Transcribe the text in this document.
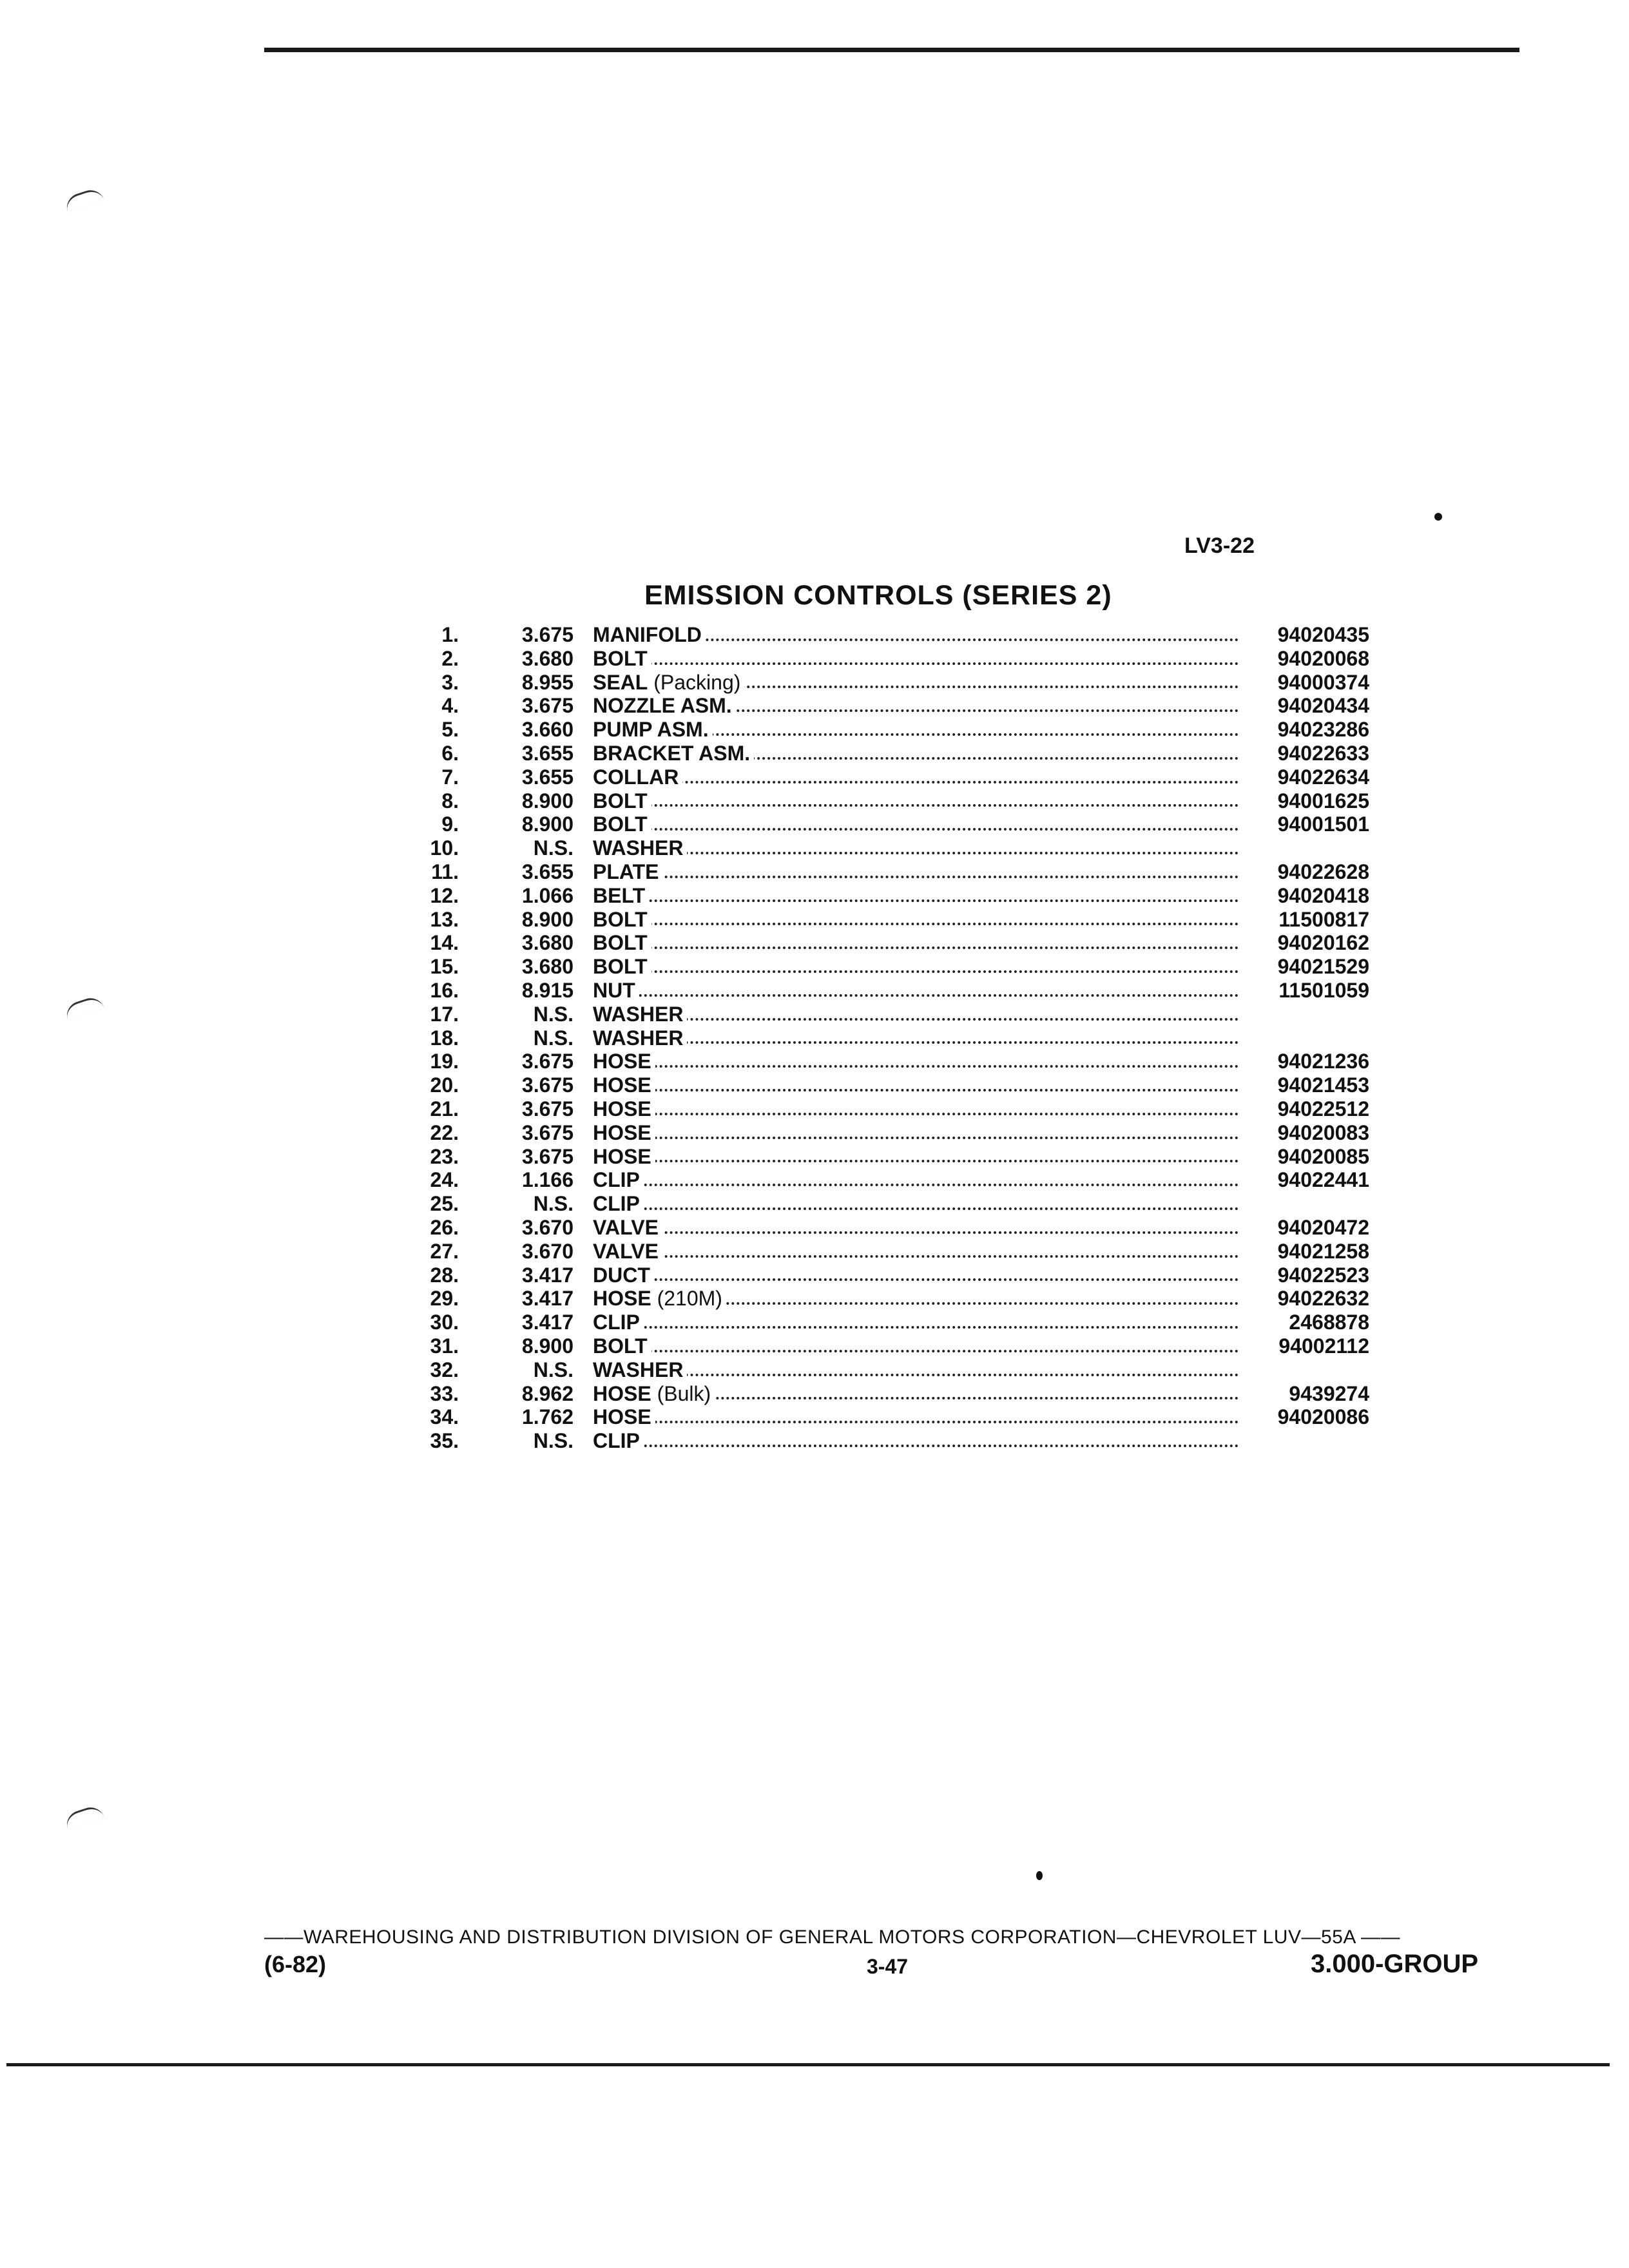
LV3-22
EMISSION CONTROLS (SERIES 2)
1.	3.675 MANIFOLD	94020435
2.	3.680 BOLT	94020068
3.	8.955 SEAL (Packing)	94000374
4.	3.675 NOZZLE ASM.	94020434
5.	3.660 PUMP ASM.	94023286
6.	3.655 BRACKET ASM.	94022633
7.	3.655 COLLAR	94022634
8.	8.900 BOLT	94001625
9.	8.900 BOLT	94001501
10.	N.S. WASHER
11.	3.655 PLATE	94022628
12.	1.066 BELT	94020418
13.	8.900 BOLT	11500817
14.	3.680 BOLT	94020162
15.	3.680 BOLT	94021529
16.	8.915 NUT	11501059
17.	N.S. WASHER
18.	N.S. WASHER
19.	3.675 HOSE	94021236
20.	3.675 HOSE	94021453
21.	3.675 HOSE	94022512
22.	3.675 HOSE	94020083
23.	3.675 HOSE	94020085
24.	1.166 CLIP	94022441
25.	N.S. CLIP
26.	3.670 VALVE	94020472
27.	3.670 VALVE	94021258
28.	3.417 DUCT	94022523
29.	3.417 HOSE (210M)	94022632
30.	3.417 CLIP	2468878
31.	8.900 BOLT	94002112
32.	N.S. WASHER
33.	8.962 HOSE (Bulk)	9439274
34.	1.762 HOSE	94020086
35.	N.S. CLIP
——WAREHOUSING AND DISTRIBUTION DIVISION OF GENERAL MOTORS CORPORATION—CHEVROLET LUV—55A ——
(6-82)	3-47	3.000-GROUP
